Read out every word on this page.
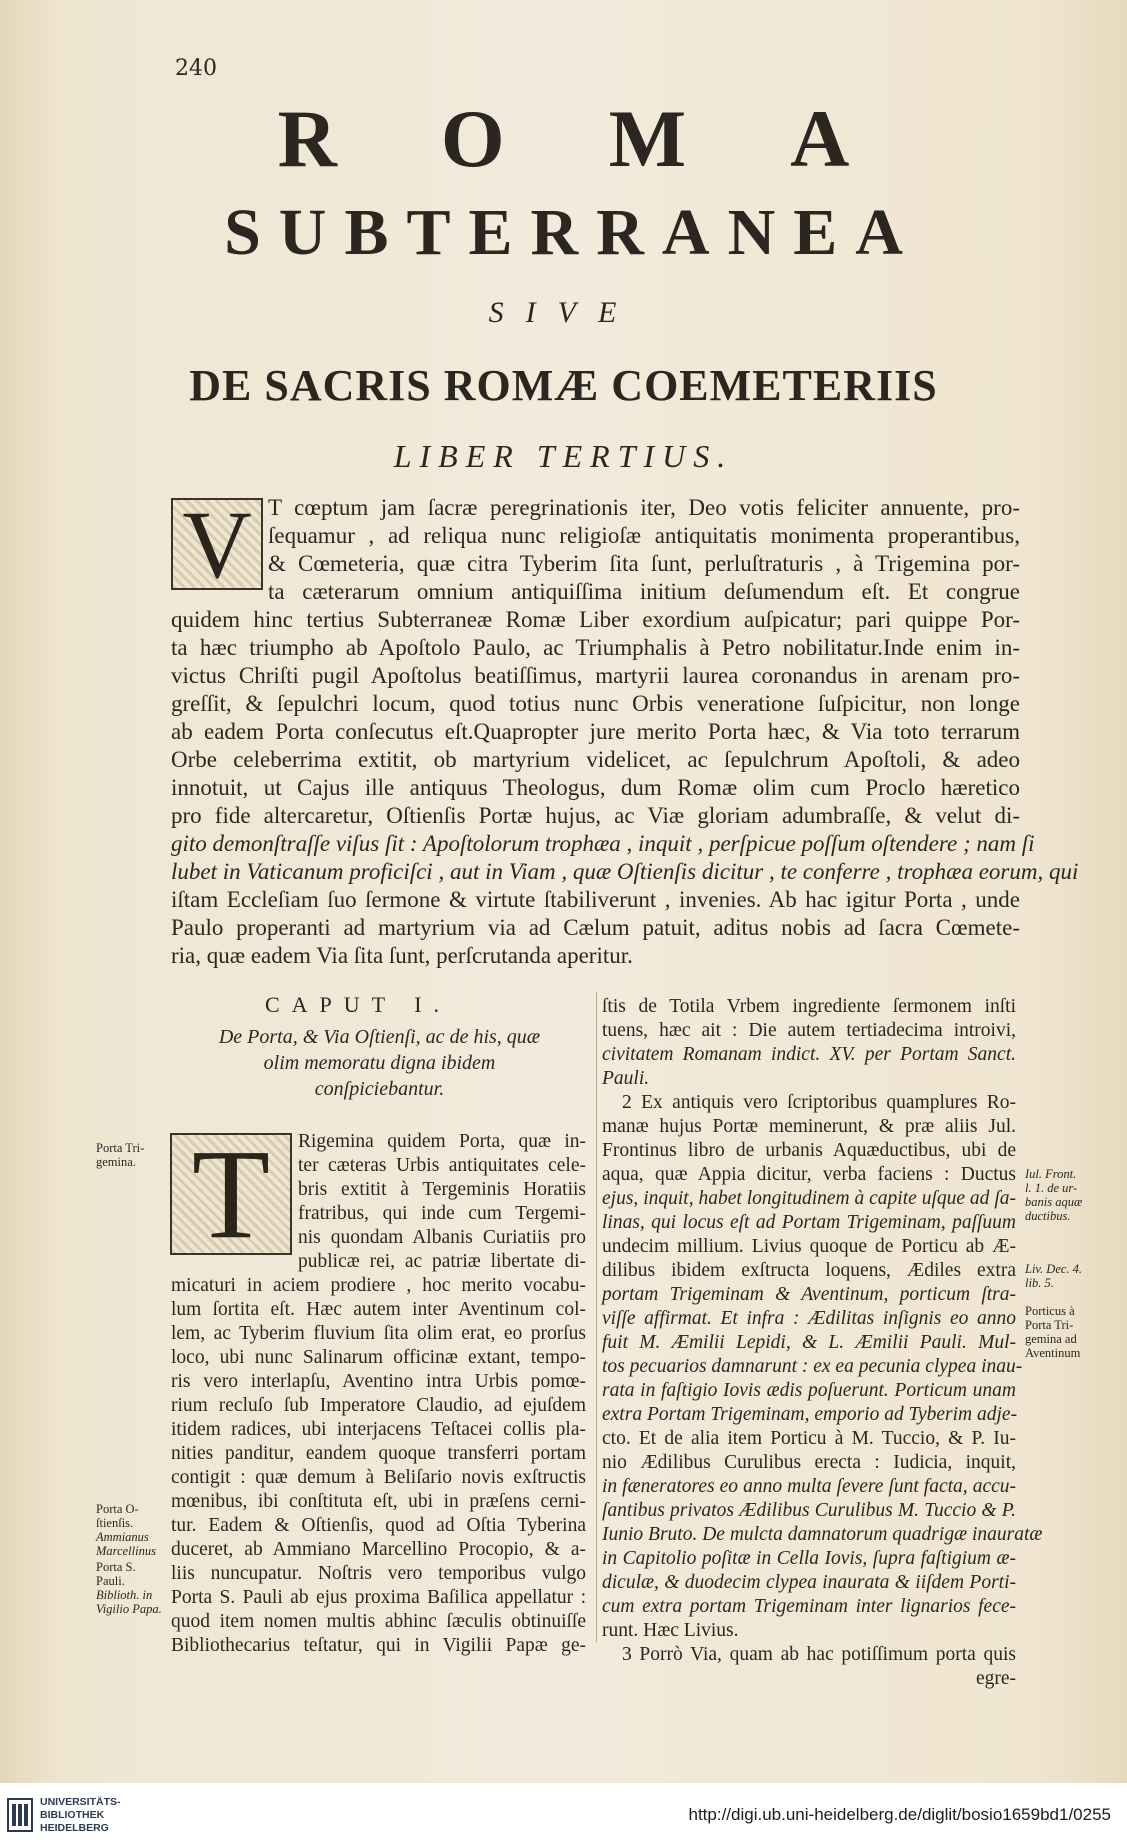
240

R O M A
S U B T E R R A N E A

SIVE

DE SACRIS ROMÆ COEMETERIIS

LIBER TERTIUS.

V T cœptum jam ſacræ peregrinationis iter, Deo votis feliciter annuente, pro-

ſequamur , ad reliqua nunc religioſæ antiquitatis monimenta properantibus,

& Cœmeteria, quæ citra Tyberim ſita ſunt, perluſtraturis , à Trigemina por-

ta cæterarum omnium antiquiſſima initium deſumendum eſt. Et congrue

quidem hinc tertius Subterraneæ Romæ Liber exordium auſpicatur; pari quippe Por-

ta hæc triumpho ab Apoſtolo Paulo, ac Triumphalis à Petro nobilitatur.Inde enim in-

victus Chriſti pugil Apoſtolus beatiſſimus, martyrii laurea coronandus in arenam pro-

greſſit, & ſepulchri locum, quod totius nunc Orbis veneratione ſuſpicitur, non longe

ab eadem Porta conſecutus eſt.Quapropter jure merito Porta hæc, & Via toto terrarum

Orbe celeberrima extitit, ob martyrium videlicet, ac ſepulchrum Apoſtoli, & adeo

innotuit, ut Cajus ille antiquus Theologus, dum Romæ olim cum Proclo hæretico

pro fide altercaretur, Oſtienſis Portæ hujus, ac Viæ gloriam adumbraſſe, & velut di-

gito demonſtraſſe viſus ſit : Apoſtolorum trophæa , inquit , perſpicue poſſum oſtendere ; nam ſi

lubet in Vaticanum proficiſci , aut in Viam , quæ Oſtienſis dicitur , te conferre , trophæa eorum, qui

iſtam Eccleſiam ſuo ſermone & virtute ſtabiliverunt , invenies. Ab hac igitur Porta , unde

Paulo properanti ad martyrium via ad Cælum patuit, aditus nobis ad ſacra Cœmete-

ria, quæ eadem Via ſita ſunt, perſcrutanda aperitur.

CAPUT I.

De Porta, & Via Oſtienſi, ac de his, quæ

olim memoratu digna ibidem

conſpiciebantur.

T	Rigemina quidem Porta, quæ in-

ter cæteras Urbis antiquitates cele-

bris extitit à Tergeminis Horatiis

fratribus, qui inde cum Tergemi-

nis quondam Albanis Curiatiis pro

publicæ rei, ac patriæ libertate di-

micaturi in aciem prodiere , hoc merito vocabu-

lum ſortita eſt. Hæc autem inter Aventinum col-

lem, ac Tyberim fluvium ſita olim erat, eo prorſus

loco, ubi nunc Salinarum officinæ extant, tempo-

ris vero interlapſu, Aventino intra Urbis pomœ-

rium recluſo ſub Imperatore Claudio, ad ejuſdem

itidem radices, ubi interjacens Teſtacei collis pla-

nities panditur, eandem quoque transferri portam

contigit : quæ demum à Beliſario novis exſtructis

mœnibus, ibi conſtituta eſt, ubi in præſens cerni-

tur. Eadem & Oſtienſis, quod ad Oſtia Tyberina

duceret, ab Ammiano Marcellino Procopio, & a-

liis nuncupatur. Noſtris vero temporibus vulgo

Porta S. Pauli ab ejus proxima Baſilica appellatur :

quod item nomen multis abhinc ſæculis obtinuiſſe

Bibliothecarius teſtatur, qui in Vigilii Papæ ge-

ſtis de Totila Vrbem ingrediente ſermonem inſti

tuens, hæc ait : Die autem tertiadecima introivi,

civitatem Romanam indict. XV. per Portam Sanct.

Pauli.

2 Ex antiquis vero ſcriptoribus quamplures Ro-

manæ hujus Portæ meminerunt, & præ aliis Jul.

Frontinus libro de urbanis Aquæductibus, ubi de

aqua, quæ Appia dicitur, verba faciens : Ductus

ejus, inquit, habet longitudinem à capite uſque ad ſa-

linas, qui locus eſt ad Portam Trigeminam, paſſuum

undecim millium. Livius quoque de Porticu ab Æ-

dilibus ibidem exſtructa loquens, Ædiles extra

portam Trigeminam & Aventinum, porticum ſtra-

viſſe affirmat. Et infra : Ædilitas inſignis eo anno

fuit M. Æmilii Lepidi, & L. Æmilii Pauli. Mul-

tos pecuarios damnarunt : ex ea pecunia clypea inau-

rata in faſtigio Iovis ædis poſuerunt. Porticum unam

extra Portam Trigeminam, emporio ad Tyberim adje-

cto. Et de alia item Porticu à M. Tuccio, & P. Iu-

nio Ædilibus Curulibus erecta : Iudicia, inquit,

in fæneratores eo anno multa ſevere ſunt facta, accu-

ſantibus privatos Ædilibus Curulibus M. Tuccio & P.

Iunio Bruto. De mulcta damnatorum quadrigæ inauratæ

in Capitolio poſitæ in Cella Iovis, ſupra faſtigium æ-

diculæ, & duodecim clypea inaurata & iiſdem Porti-

cum extra portam Trigeminam inter lignarios fece-

runt. Hæc Livius.

3 Porrò Via, quam ab hac potiſſimum porta quis

egre-

Porta Tri-

gemina.

Porta O-

ſtienſis.

Ammianus

Marcellinus

Porta S.

Pauli.

Biblioth. in

Vigilio Papa.

Iul. Front.

l. 1. de ur-

banis aquæ

ductibus.

Liv. Dec. 4.

lib. 5.

Porticus à

Porta Tri-

gemina ad

Aventinum

UNIVERSITÄTS-

BIBLIOTHEK

HEIDELBERG

http://digi.ub.uni-heidelberg.de/diglit/bosio1659bd1/0255
